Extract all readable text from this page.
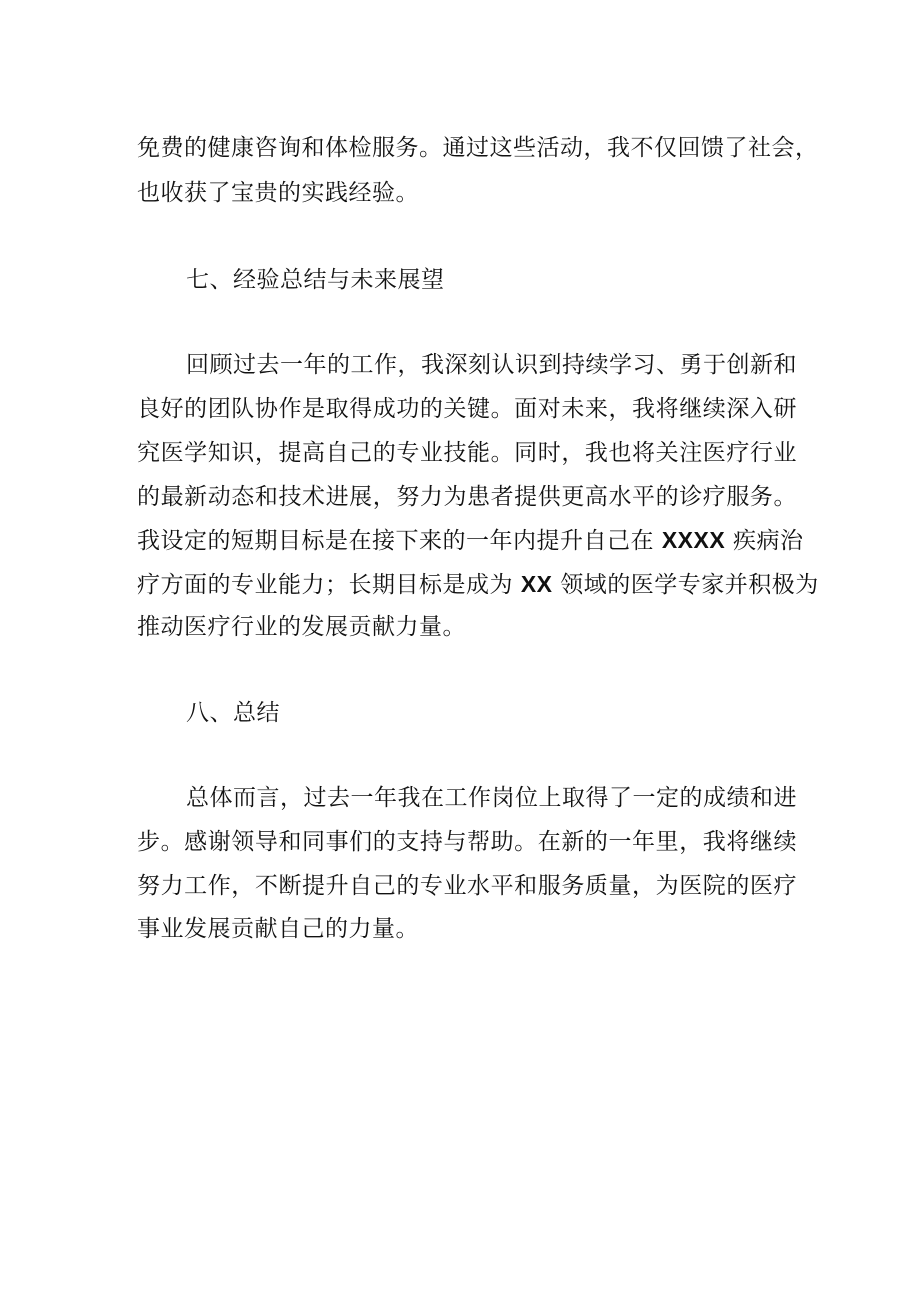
免费的健康咨询和体检服务。通过这些活动，我不仅回馈了社会，
也收获了宝贵的实践经验。
七、经验总结与未来展望
回顾过去一年的工作，我深刻认识到持续学习、勇于创新和
良好的团队协作是取得成功的关键。面对未来，我将继续深入研
究医学知识，提高自己的专业技能。同时，我也将关注医疗行业
的最新动态和技术进展，努力为患者提供更高水平的诊疗服务。
我设定的短期目标是在接下来的一年内提升自己在 XXXX 疾病治
疗方面的专业能力；长期目标是成为 XX 领域的医学专家并积极为
推动医疗行业的发展贡献力量。
八、总结
总体而言，过去一年我在工作岗位上取得了一定的成绩和进
步。感谢领导和同事们的支持与帮助。在新的一年里，我将继续
努力工作，不断提升自己的专业水平和服务质量，为医院的医疗
事业发展贡献自己的力量。
